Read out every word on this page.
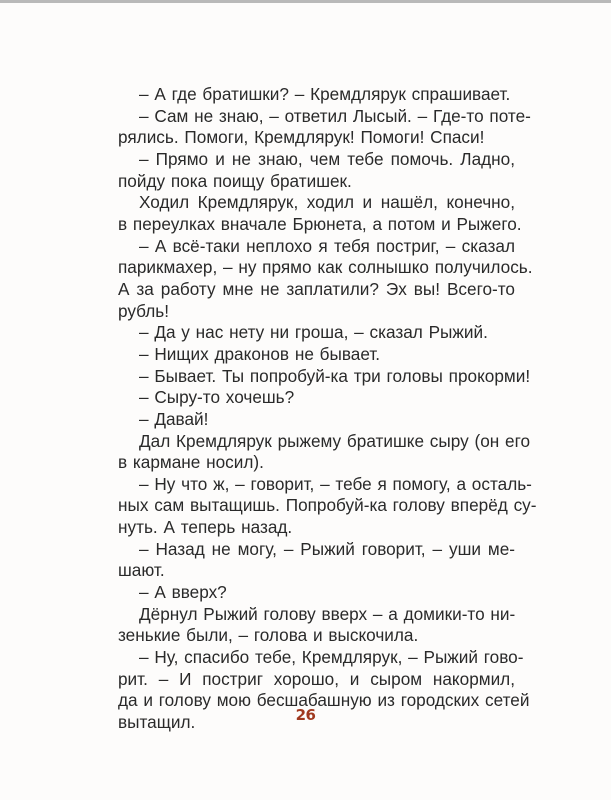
– А где братишки? – Кремдлярук спрашивает.

– Сам не знаю, – ответил Лысый. – Где-то поте-
рялись. Помоги, Кремдлярук! Помоги! Спаси!

– Прямо и не знаю, чем тебе помочь. Ладно,
пойду пока поищу братишек.

Ходил Кремдлярук, ходил и нашёл, конечно,
в переулках вначале Брюнета, а потом и Рыжего.

– А всё-таки неплохо я тебя постриг, – сказал
парикмахер, – ну прямо как солнышко получилось.
А за работу мне не заплатили? Эх вы! Всего-то
рубль!

– Да у нас нету ни гроша, – сказал Рыжий.

– Нищих драконов не бывает.

– Бывает. Ты попробуй-ка три головы прокорми!

– Сыру-то хочешь?

– Давай!

Дал Кремдлярук рыжему братишке сыру (он его
в кармане носил).

– Ну что ж, – говорит, – тебе я помогу, а осталь-
ных сам вытащишь. Попробуй-ка голову вперёд су-
нуть. А теперь назад.

– Назад не могу, – Рыжий говорит, – уши ме-
шают.

– А вверх?

Дёрнул Рыжий голову вверх – а домики-то ни-
зенькие были, – голова и выскочила.

– Ну, спасибо тебе, Кремдлярук, – Рыжий гово-
рит. – И постриг хорошо, и сыром накормил,
да и голову мою бесшабашную из городских сетей
вытащил.	26
